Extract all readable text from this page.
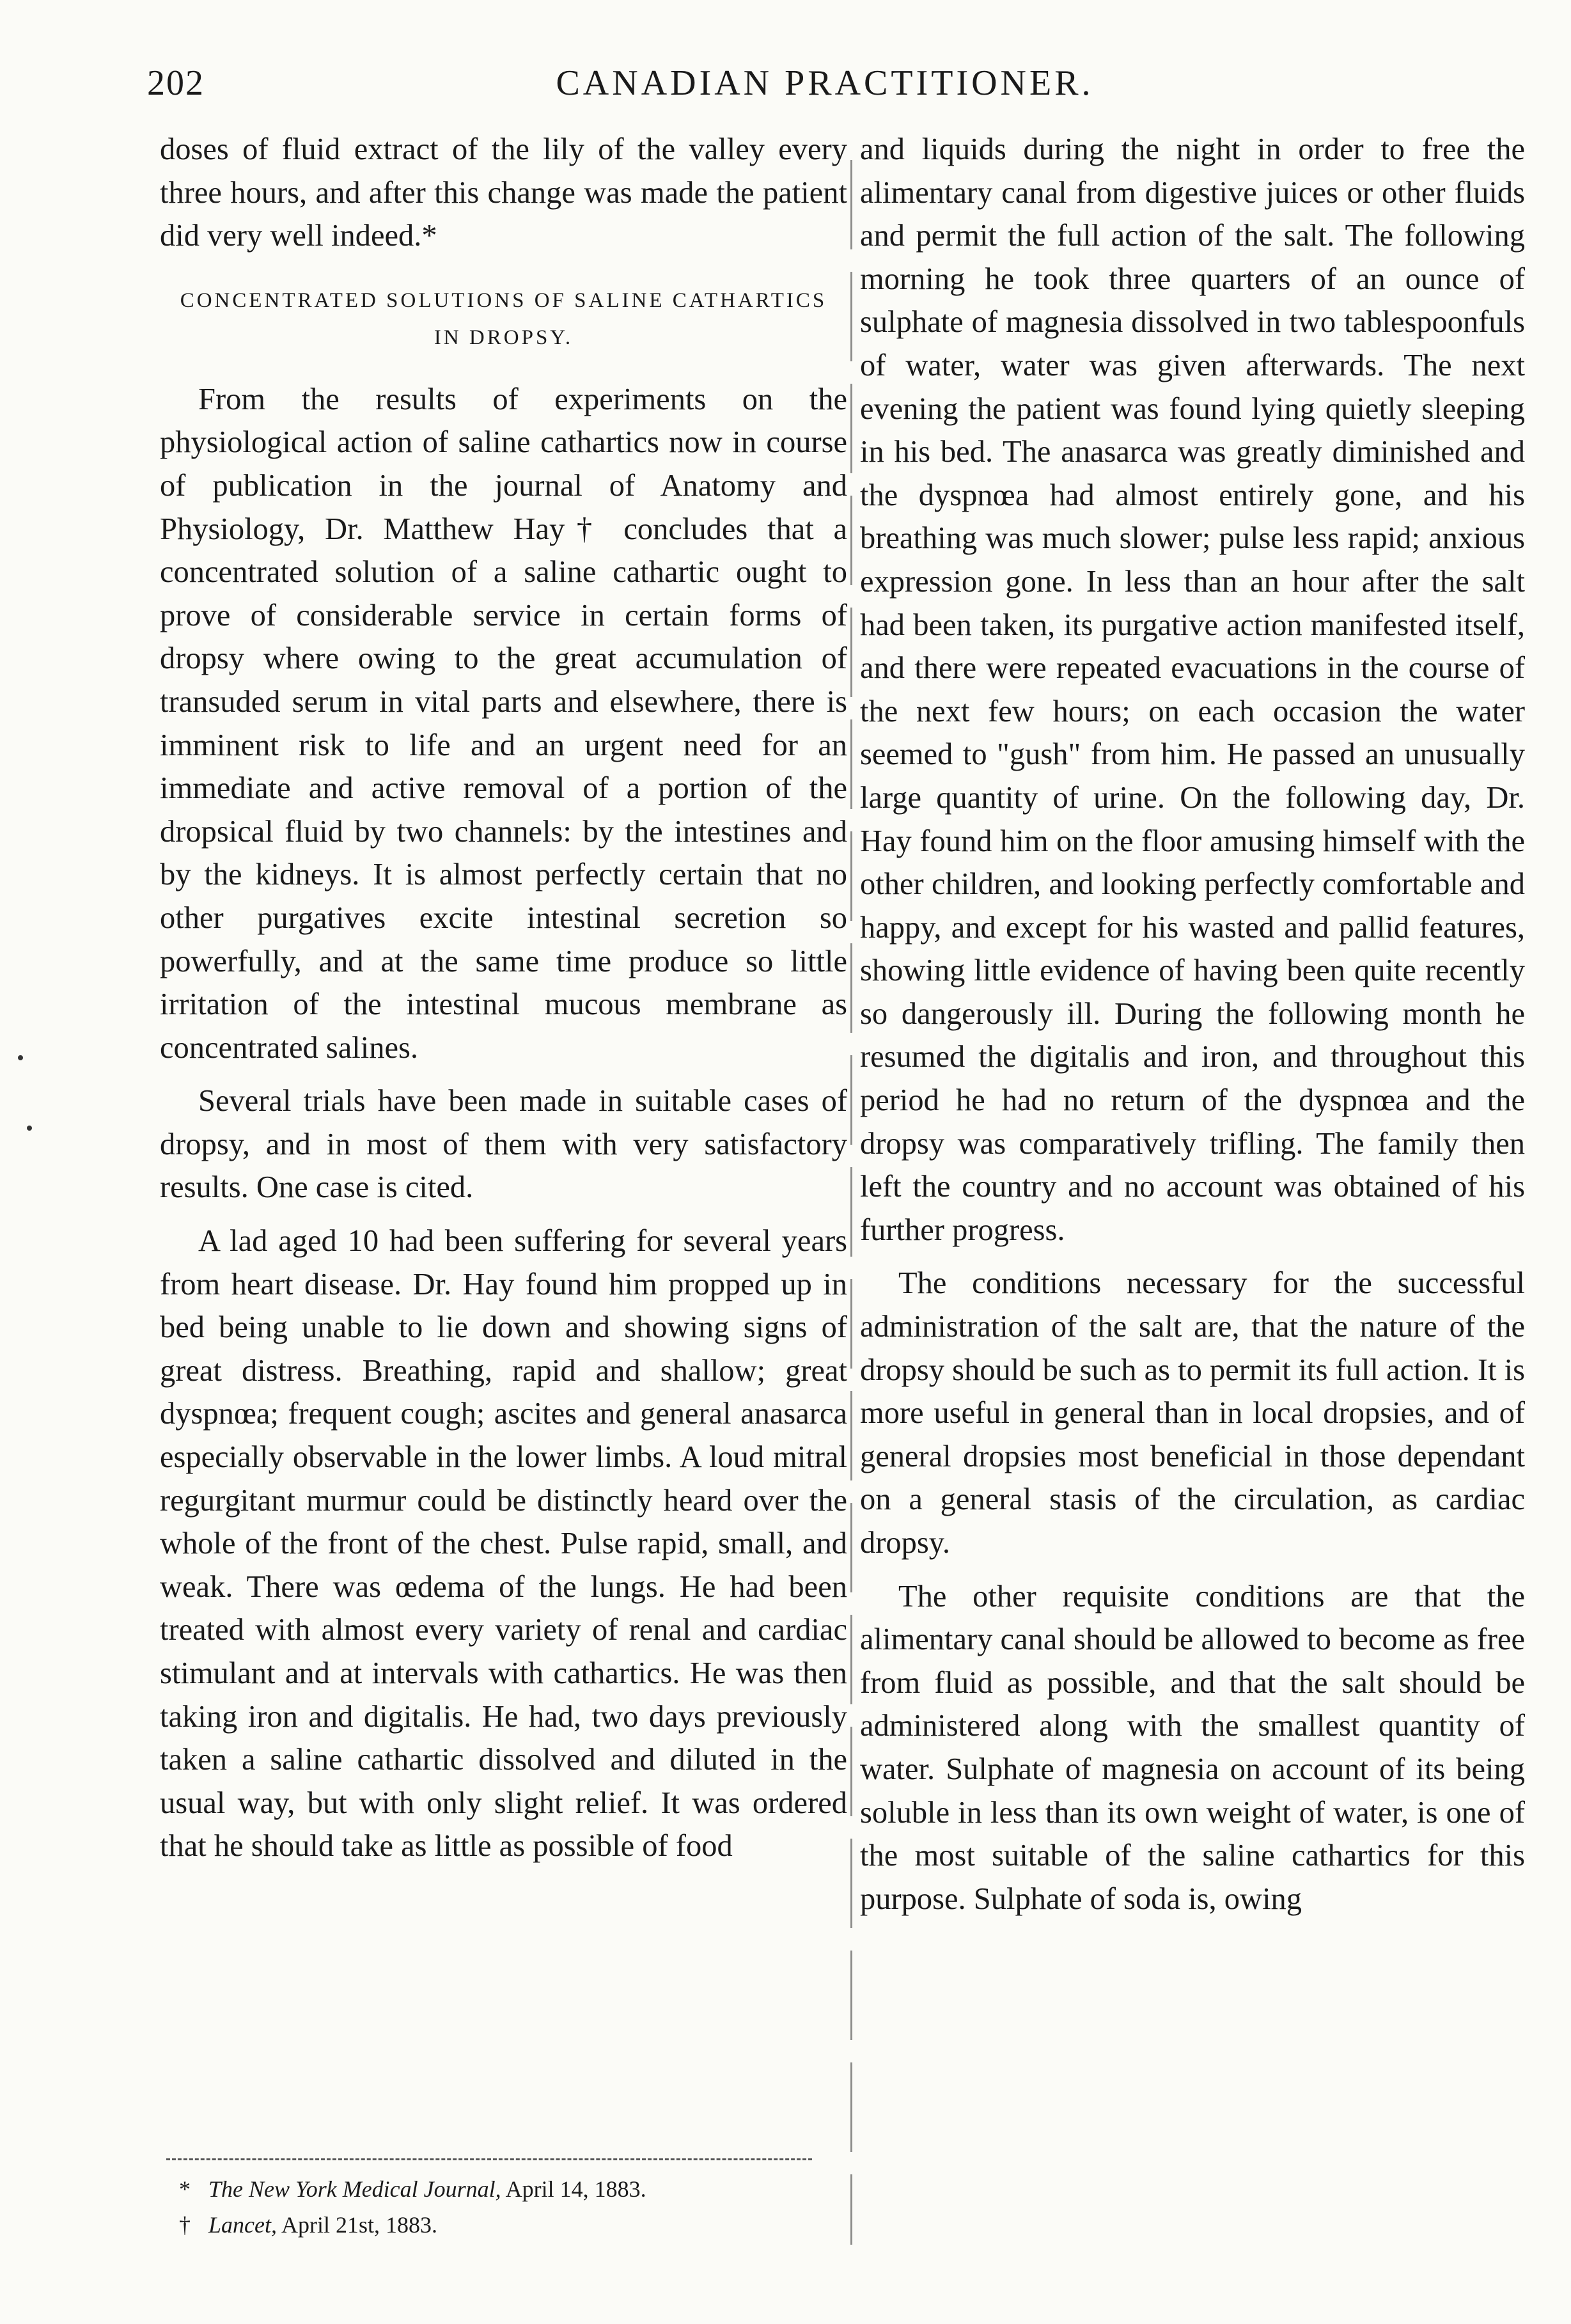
202	CANADIAN PRACTITIONER.

doses of fluid extract of the lily of the valley every three hours, and after this change was made the patient did very well indeed.*

CONCENTRATED SOLUTIONS OF SALINE CATHARTICS IN DROPSY.

From the results of experiments on the physiological action of saline cathartics now in course of publication in the journal of Anatomy and Physiology, Dr. Matthew Hay† concludes that a concentrated solution of a saline cathartic ought to prove of considerable service in certain forms of dropsy where owing to the great accumulation of transuded serum in vital parts and elsewhere, there is imminent risk to life and an urgent need for an immediate and active removal of a portion of the dropsical fluid by two channels: by the intestines and by the kidneys. It is almost perfectly certain that no other purgatives excite intestinal secretion so powerfully, and at the same time produce so little irritation of the intestinal mucous membrane as concentrated salines.

Several trials have been made in suitable cases of dropsy, and in most of them with very satisfactory results. One case is cited.

A lad aged 10 had been suffering for several years from heart disease. Dr. Hay found him propped up in bed being unable to lie down and showing signs of great distress. Breathing, rapid and shallow; great dyspnœa; frequent cough; ascites and general anasarca especially observable in the lower limbs. A loud mitral regurgitant murmur could be distinctly heard over the whole of the front of the chest. Pulse rapid, small, and weak. There was œdema of the lungs. He had been treated with almost every variety of renal and cardiac stimulant and at intervals with cathartics. He was then taking iron and digitalis. He had, two days previously taken a saline cathartic dissolved and diluted in the usual way, but with only slight relief. It was ordered that he should take as little as possible of food

and liquids during the night in order to free the alimentary canal from digestive juices or other fluids and permit the full action of the salt. The following morning he took three quarters of an ounce of sulphate of magnesia dissolved in two tablespoonfuls of water, water was given afterwards. The next evening the patient was found lying quietly sleeping in his bed. The anasarca was greatly diminished and the dyspnœa had almost entirely gone, and his breathing was much slower; pulse less rapid; anxious expression gone. In less than an hour after the salt had been taken, its purgative action manifested itself, and there were repeated evacuations in the course of the next few hours; on each occasion the water seemed to "gush" from him. He passed an unusually large quantity of urine. On the following day, Dr. Hay found him on the floor amusing himself with the other children, and looking perfectly comfortable and happy, and except for his wasted and pallid features, showing little evidence of having been quite recently so dangerously ill. During the following month he resumed the digitalis and iron, and throughout this period he had no return of the dyspnœa and the dropsy was comparatively trifling. The family then left the country and no account was obtained of his further progress.

The conditions necessary for the successful administration of the salt are, that the nature of the dropsy should be such as to permit its full action. It is more useful in general than in local dropsies, and of general dropsies most beneficial in those dependant on a general stasis of the circulation, as cardiac dropsy.

The other requisite conditions are that the alimentary canal should be allowed to become as free from fluid as possible, and that the salt should be administered along with the smallest quantity of water. Sulphate of magnesia on account of its being soluble in less than its own weight of water, is one of the most suitable of the saline cathartics for this purpose. Sulphate of soda is, owing

* The New York Medical Journal, April 14, 1883.
† Lancet, April 21st, 1883.
